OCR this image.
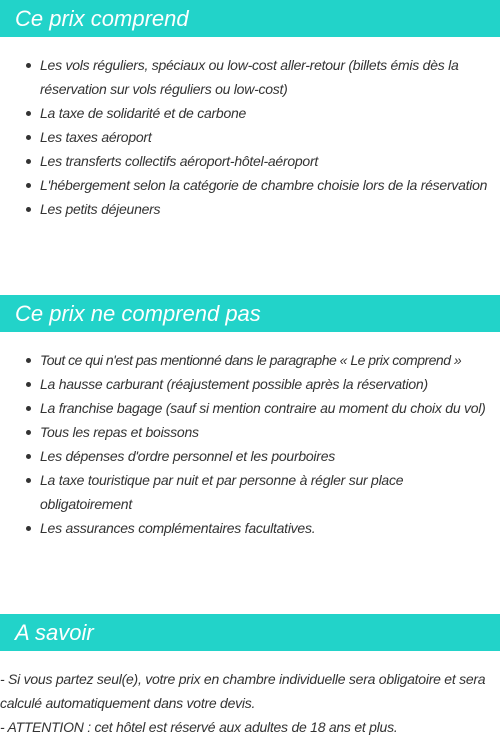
Ce prix comprend
Les vols réguliers, spéciaux ou low-cost aller-retour (billets émis dès la réservation sur vols réguliers ou low-cost)
La taxe de solidarité et de carbone
Les taxes aéroport
Les transferts collectifs aéroport-hôtel-aéroport
L'hébergement selon la catégorie de chambre choisie lors de la réservation
Les petits déjeuners
Ce prix ne comprend pas
Tout ce qui n'est pas mentionné dans le paragraphe « Le prix comprend »
La hausse carburant (réajustement possible après la réservation)
La franchise bagage (sauf si mention contraire au moment du choix du vol)
Tous les repas et boissons
Les dépenses d'ordre personnel et les pourboires
La taxe touristique par nuit et par personne à régler sur place obligatoirement
Les assurances complémentaires facultatives.
A savoir
- Si vous partez seul(e), votre prix en chambre individuelle sera obligatoire et sera calculé automatiquement dans votre devis.
- ATTENTION : cet hôtel est réservé aux adultes de 18 ans et plus.
